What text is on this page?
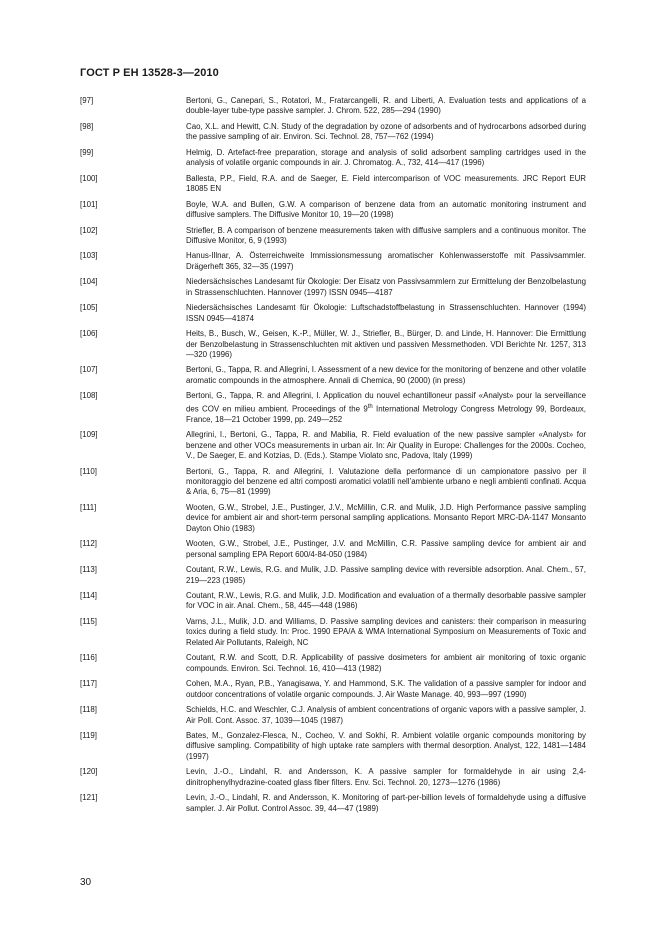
ГОСТ Р ЕН 13528-3—2010
[97]	Bertoni, G., Canepari, S., Rotatori, M., Fratarcangelli, R. and Liberti, A. Evaluation tests and applications of a double-layer tube-type passive sampler. J. Chrom. 522, 285—294 (1990)
[98]	Cao, X.L. and Hewitt, C.N. Study of the degradation by ozone of adsorbents and of hydrocarbons adsorbed during the passive sampling of air. Environ. Sci. Technol. 28, 757—762 (1994)
[99]	Helmig, D. Artefact-free preparation, storage and analysis of solid adsorbent sampling cartridges used in the analysis of volatile organic compounds in air. J. Chromatog. A., 732, 414—417 (1996)
[100]	Ballesta, P.P., Field, R.A. and de Saeger, E. Field intercomparison of VOC measurements. JRC Report EUR 18085 EN
[101]	Boyle, W.A. and Bullen, G.W. A comparison of benzene data from an automatic monitoring instrument and diffusive samplers. The Diffusive Monitor 10, 19—20 (1998)
[102]	Striefler, B. A comparison of benzene measurements taken with diffusive samplers and a continuous monitor. The Diffusive Monitor, 6, 9 (1993)
[103]	Hanus-Illnar, A. Österreichweite Immissionsmessung aromatischer Kohlenwasserstoffe mit Passivsammler. Drägerheft 365, 32—35 (1997)
[104]	Niedersächsisches Landesamt für Ökologie: Der Eisatz von Passivsammlern zur Ermittelung der Benzolbelastung in Strassenschluchten. Hannover (1997) ISSN 0945—4187
[105]	Niedersächsisches Landesamt für Ökologie: Luftschadstoffbelastung in Strassenschluchten. Hannover (1994) ISSN 0945—41874
[106]	Heits, B., Busch, W., Geisen, K.-P., Müller, W. J., Striefler, B., Bürger, D. and Linde, H. Hannover: Die Ermittlung der Benzolbelastung in Strassenschluchten mit aktiven und passiven Messmethoden. VDI Berichte Nr. 1257, 313—320 (1996)
[107]	Bertoni, G., Tappa, R. and Allegrini, I. Assessment of a new device for the monitoring of benzene and other volatile aromatic compounds in the atmosphere. Annali di Chemica, 90 (2000) (in press)
[108]	Bertoni, G., Tappa, R. and Allegrini, I. Application du nouvel echantilloneur passif «Analyst» pour la serveillance des COV en milieu ambient. Proceedings of the 9th International Metrology Congress Metrology 99, Bordeaux, France, 18—21 October 1999, pp. 249—252
[109]	Allegrini, I., Bertoni, G., Tappa, R. and Mabilia, R. Field evaluation of the new passive sampler «Analyst» for benzene and other VOCs measurements in urban air. In: Air Quality in Europe: Challenges for the 2000s. Cocheo, V., De Saeger, E. and Kotzias, D. (Eds.). Stampe Violato snc, Padova, Italy (1999)
[110]	Bertoni, G., Tappa, R. and Allegrini, I. Valutazione della performance di un campionatore passivo per il monitoraggio del benzene ed altri composti aromatici volatili nell’ambiente urbano e negli ambienti confinati. Acqua & Aria, 6, 75—81 (1999)
[111]	Wooten, G.W., Strobel, J.E., Pustinger, J.V., McMillin, C.R. and Mulik, J.D. High Performance passive sampling device for ambient air and short-term personal sampling applications. Monsanto Report MRC-DA-1147 Monsanto Dayton Ohio (1983)
[112]	Wooten, G.W., Strobel, J.E., Pustinger, J.V. and McMillin, C.R. Passive sampling device for ambient air and personal sampling EPA Report 600/4-84-050 (1984)
[113]	Coutant, R.W., Lewis, R.G. and Mulik, J.D. Passive sampling device with reversible adsorption. Anal. Chem., 57, 219—223 (1985)
[114]	Coutant, R.W., Lewis, R.G. and Mulik, J.D. Modification and evaluation of a thermally desorbable passive sampler for VOC in air. Anal. Chem., 58, 445—448 (1986)
[115]	Varns, J.L., Mulik, J.D. and Williams, D. Passive sampling devices and canisters: their comparison in measuring toxics during a field study. In: Proc. 1990 EPA/A & WMA International Symposium on Measurements of Toxic and Related Air Pollutants, Raleigh, NC
[116]	Coutant, R.W. and Scott, D.R. Applicability of passive dosimeters for ambient air monitoring of toxic organic compounds. Environ. Sci. Technol. 16, 410—413 (1982)
[117]	Cohen, M.A., Ryan, P.B., Yanagisawa, Y. and Hammond, S.K. The validation of a passive sampler for indoor and outdoor concentrations of volatile organic compounds. J. Air Waste Manage. 40, 993—997 (1990)
[118]	Schields, H.C. and Weschler, C.J. Analysis of ambient concentrations of organic vapors with a passive sampler, J. Air Poll. Cont. Assoc. 37, 1039—1045 (1987)
[119]	Bates, M., Gonzalez-Flesca, N., Cocheo, V. and Sokhi, R. Ambient volatile organic compounds monitoring by diffusive sampling. Compatibility of high uptake rate samplers with thermal desorption. Analyst, 122, 1481—1484 (1997)
[120]	Levin, J.-O., Lindahl, R. and Andersson, K. A passive sampler for formaldehyde in air using 2,4-dinitrophenylhydrazine-coated glass fiber filters. Env. Sci. Technol. 20, 1273—1276 (1986)
[121]	Levin, J.-O., Lindahl, R. and Andersson, K. Monitoring of part-per-billion levels of formaldehyde using a diffusive sampler. J. Air Pollut. Control Assoc. 39, 44—47 (1989)
30
